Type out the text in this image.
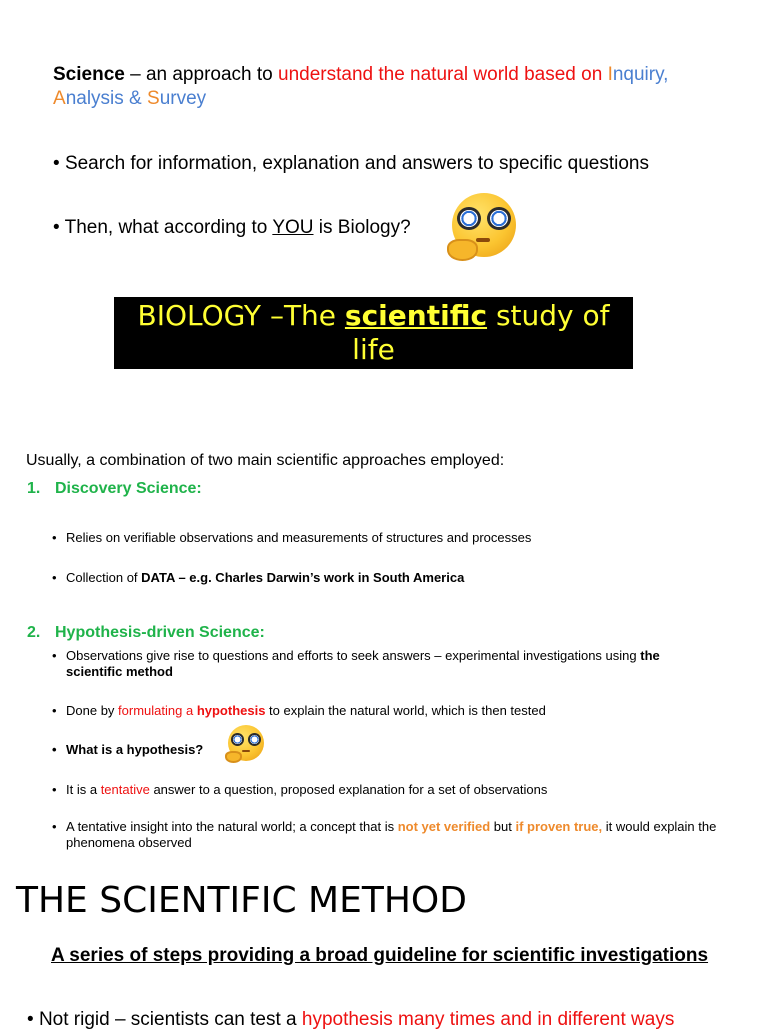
Science – an approach to understand the natural world based on Inquiry,
Analysis & Survey
• Search for information, explanation and answers to specific questions
• Then, what according to YOU is Biology?
BIOLOGY –The scientific study of life
Usually, a combination of two main scientific approaches employed:
1. Discovery Science:
• Relies on verifiable observations and measurements of structures and processes
• Collection of DATA – e.g. Charles Darwin’s work in South America
2. Hypothesis-driven Science:
• Observations give rise to questions and efforts to seek answers – experimental investigations using the scientific method
• Done by formulating a hypothesis to explain the natural world, which is then tested
• What is a hypothesis?
• It is a tentative answer to a question, proposed explanation for a set of observations
• A tentative insight into the natural world; a concept that is not yet verified but if proven true, it would explain the phenomena observed
THE SCIENTIFIC METHOD
A series of steps providing a broad guideline for scientific investigations
• Not rigid – scientists can test a hypothesis many times and in different ways
